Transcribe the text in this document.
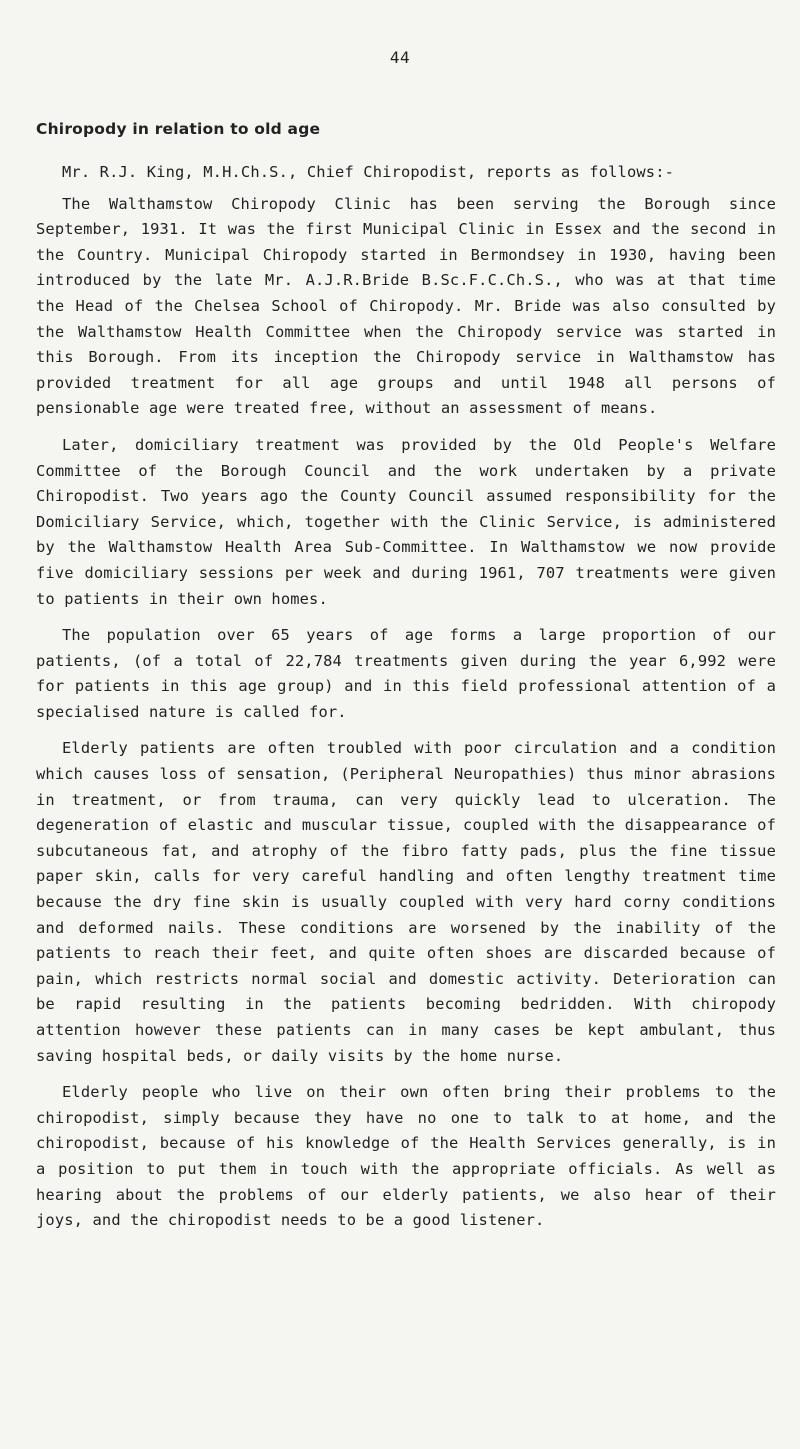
44
Chiropody in relation to old age

Mr. R.J. King, M.H.Ch.S., Chief Chiropodist, reports as follows:-

The Walthamstow Chiropody Clinic has been serving the Borough since September, 1931. It was the first Municipal Clinic in Essex and the second in the Country. Municipal Chiropody started in Bermondsey in 1930, having been introduced by the late Mr. A.J.R.Bride B.Sc.F.C.Ch.S., who was at that time the Head of the Chelsea School of Chiropody. Mr. Bride was also consulted by the Walthamstow Health Committee when the Chiropody service was started in this Borough. From its inception the Chiropody service in Walthamstow has provided treatment for all age groups and until 1948 all persons of pensionable age were treated free, without an assessment of means.

Later, domiciliary treatment was provided by the Old People's Welfare Committee of the Borough Council and the work undertaken by a private Chiropodist. Two years ago the County Council assumed responsibility for the Domiciliary Service, which, together with the Clinic Service, is administered by the Walthamstow Health Area Sub-Committee. In Walthamstow we now provide five domiciliary sessions per week and during 1961, 707 treatments were given to patients in their own homes.

The population over 65 years of age forms a large proportion of our patients, (of a total of 22,784 treatments given during the year 6,992 were for patients in this age group) and in this field professional attention of a specialised nature is called for.

Elderly patients are often troubled with poor circulation and a condition which causes loss of sensation, (Peripheral Neuropathies) thus minor abrasions in treatment, or from trauma, can very quickly lead to ulceration. The degeneration of elastic and muscular tissue, coupled with the disappearance of subcutaneous fat, and atrophy of the fibro fatty pads, plus the fine tissue paper skin, calls for very careful handling and often lengthy treatment time because the dry fine skin is usually coupled with very hard corny conditions and deformed nails. These conditions are worsened by the inability of the patients to reach their feet, and quite often shoes are discarded because of pain, which restricts normal social and domestic activity. Deterioration can be rapid resulting in the patients becoming bedridden. With chiropody attention however these patients can in many cases be kept ambulant, thus saving hospital beds, or daily visits by the home nurse.

Elderly people who live on their own often bring their problems to the chiropodist, simply because they have no one to talk to at home, and the chiropodist, because of his knowledge of the Health Services generally, is in a position to put them in touch with the appropriate officials. As well as hearing about the problems of our elderly patients, we also hear of their joys, and the chiropodist needs to be a good listener.
